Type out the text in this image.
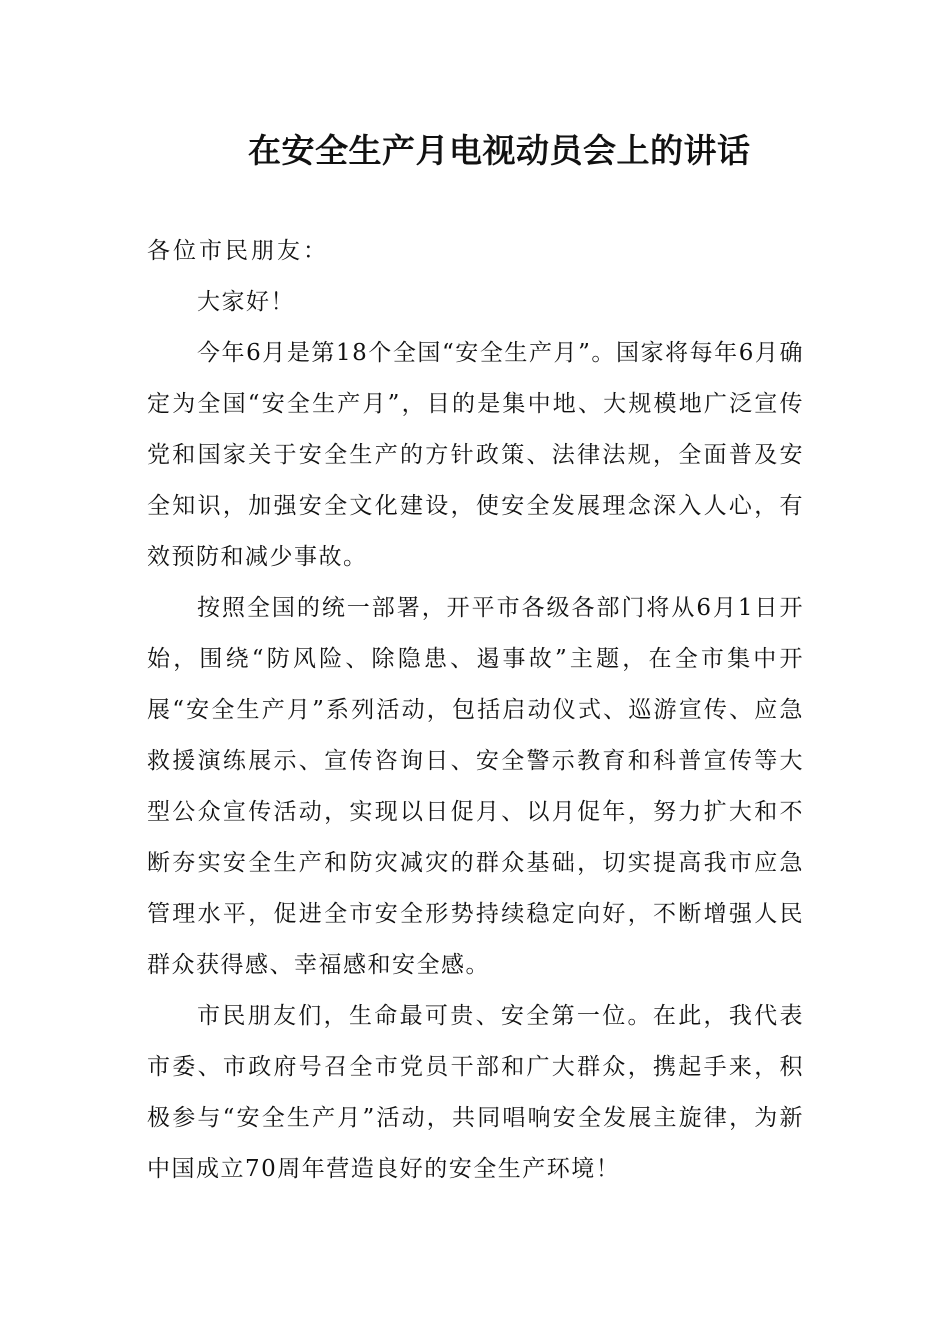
在安全生产月电视动员会上的讲话

各位市民朋友：

大家好！

今年6月是第18个全国“安全生产月”。国家将每年6月确定为全国“安全生产月”，目的是集中地、大规模地广泛宣传党和国家关于安全生产的方针政策、法律法规，全面普及安全知识，加强安全文化建设，使安全发展理念深入人心，有效预防和减少事故。

按照全国的统一部署，开平市各级各部门将从6月1日开始，围绕“防风险、除隐患、遏事故”主题，在全市集中开展“安全生产月”系列活动，包括启动仪式、巡游宣传、应急救援演练展示、宣传咨询日、安全警示教育和科普宣传等大型公众宣传活动，实现以日促月、以月促年，努力扩大和不断夯实安全生产和防灾减灾的群众基础，切实提高我市应急管理水平，促进全市安全形势持续稳定向好，不断增强人民群众获得感、幸福感和安全感。

市民朋友们，生命最可贵、安全第一位。在此，我代表市委、市政府号召全市党员干部和广大群众，携起手来，积极参与“安全生产月”活动，共同唱响安全发展主旋律，为新中国成立70周年营造良好的安全生产环境！
